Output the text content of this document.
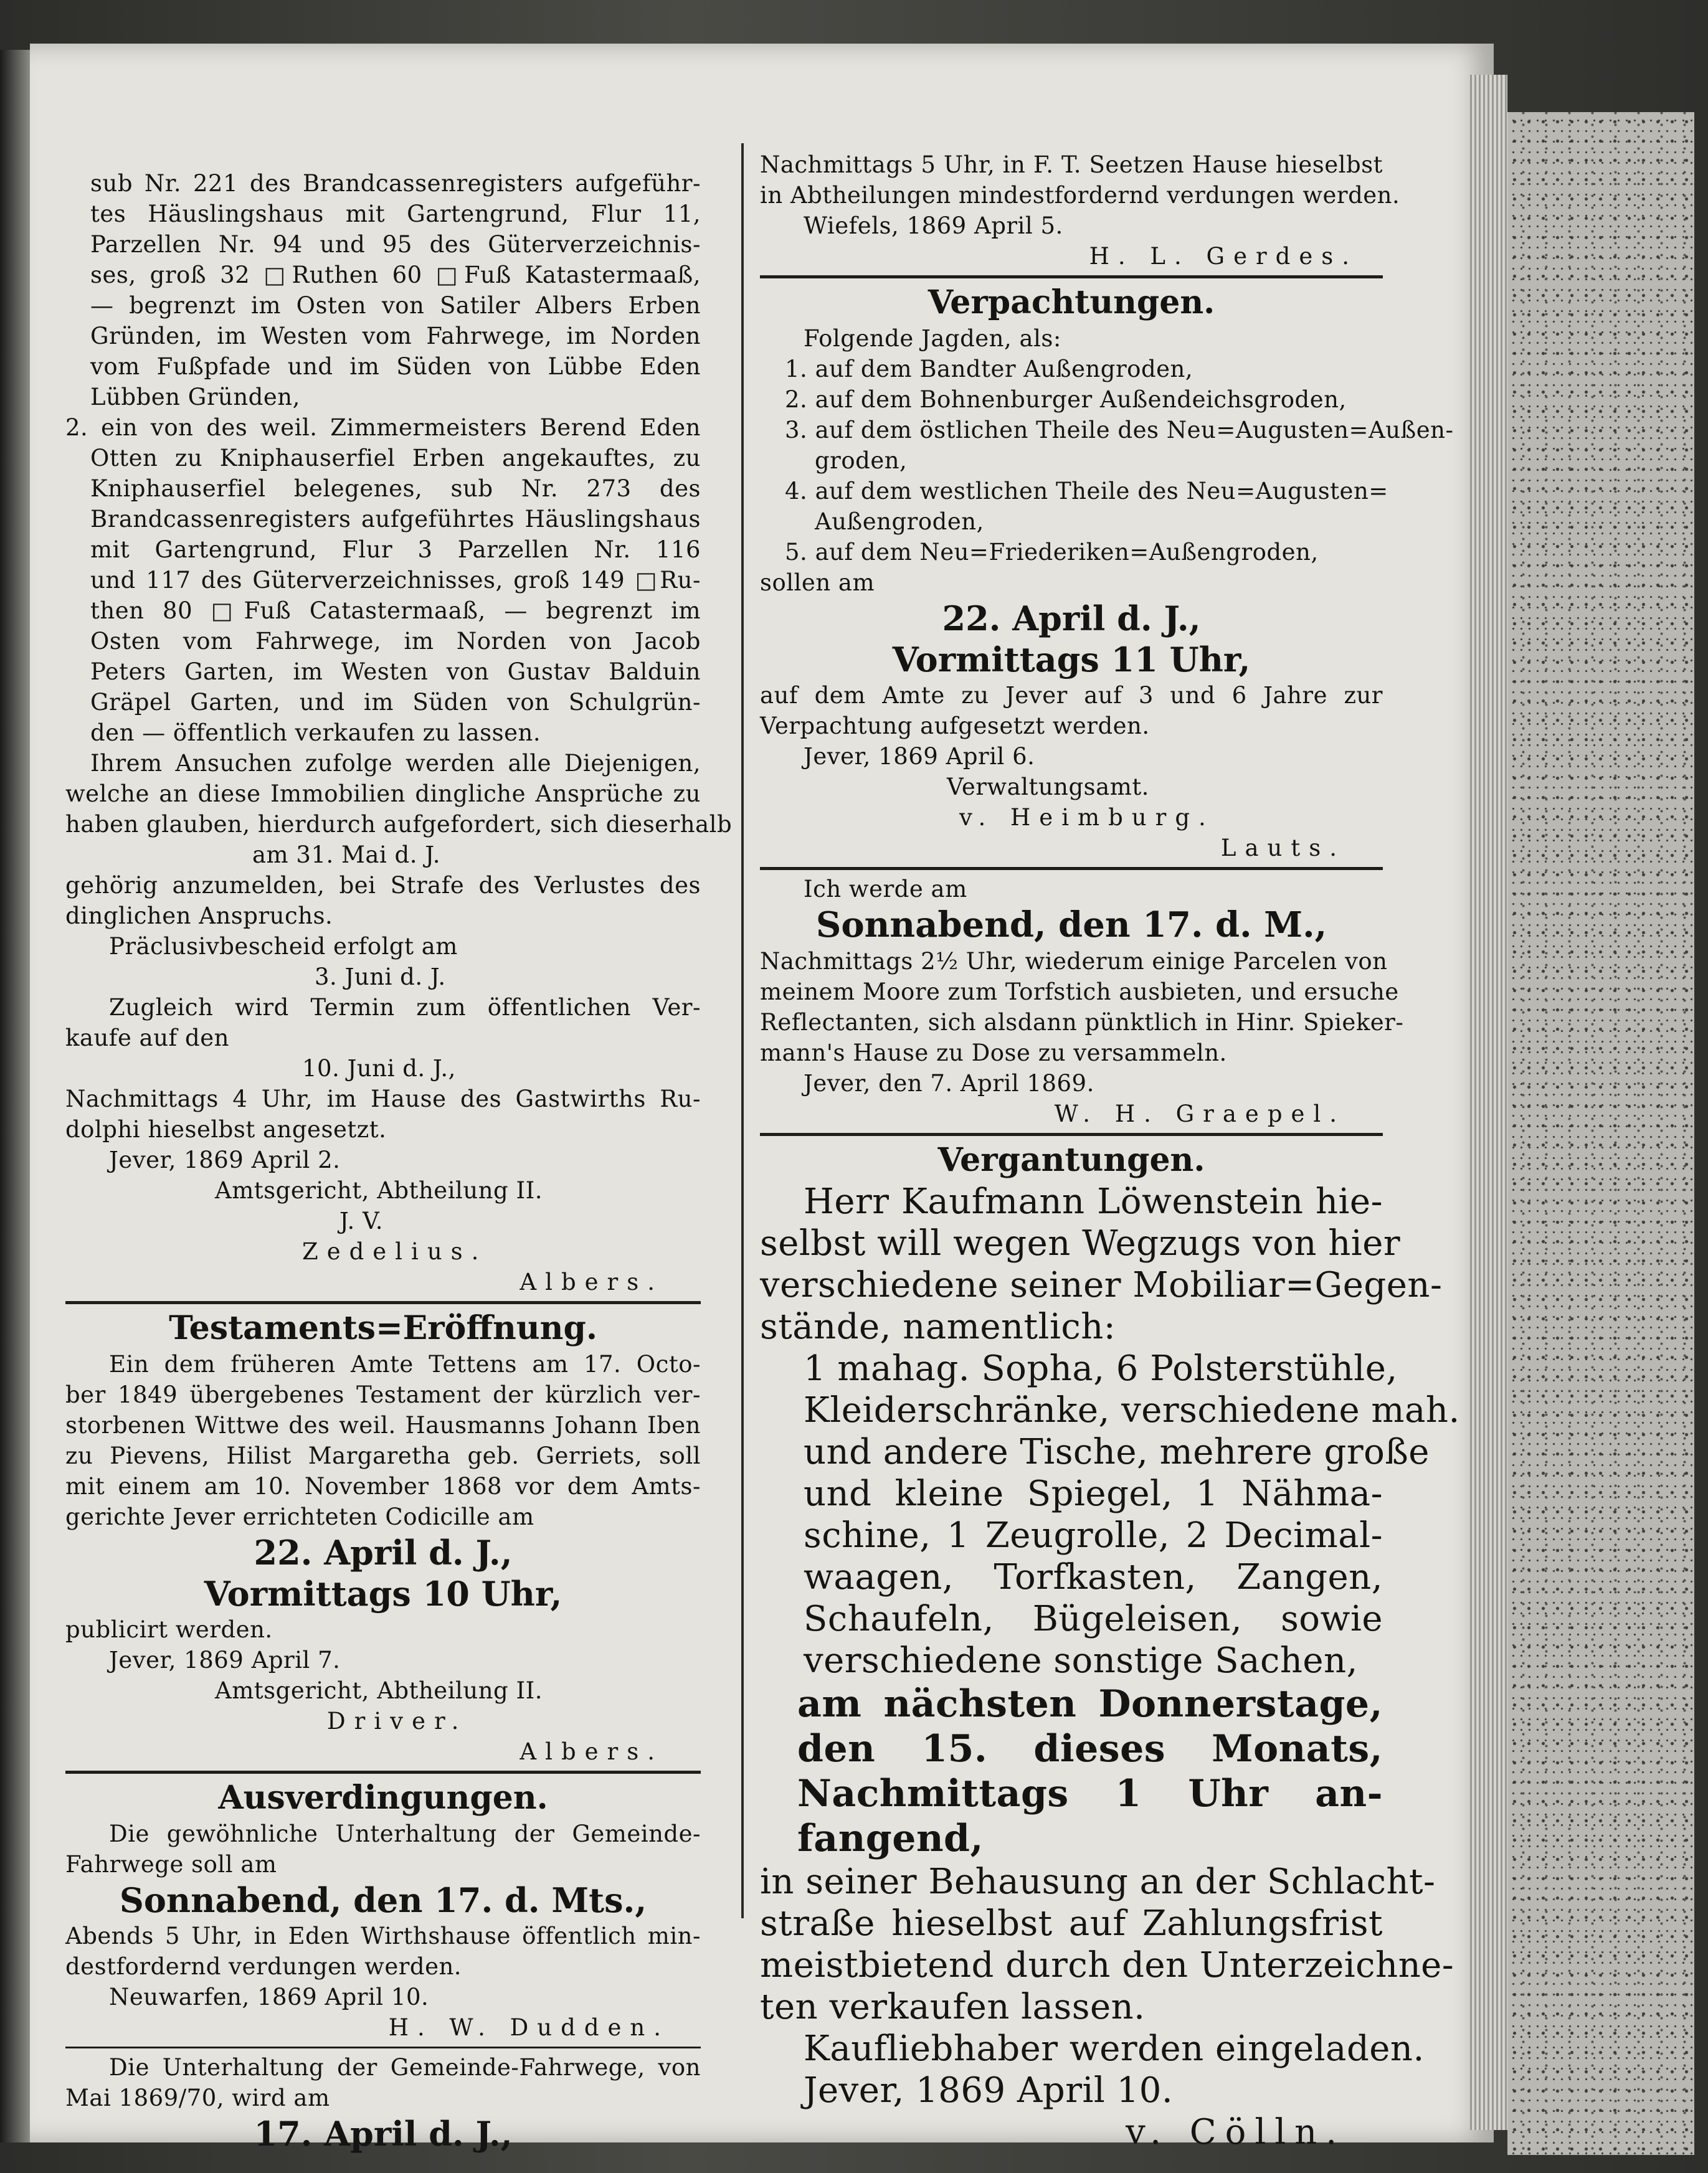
sub Nr. 221 des Brandcassenregisters aufgeführ-
tes Häuslingshaus mit Gartengrund, Flur 11,
Parzellen Nr. 94 und 95 des Güterverzeichnis-
ses, groß 32 □Ruthen 60 □Fuß Katastermaaß,
— begrenzt im Osten von Satiler Albers Erben
Gründen, im Westen vom Fahrwege, im Norden
vom Fußpfade und im Süden von Lübbe Eden
Lübben Gründen,
2. ein von des weil. Zimmermeisters Berend Eden
Otten zu Kniphauserfiel Erben angekauftes, zu
Kniphauserfiel belegenes, sub Nr. 273 des
Brandcassenregisters aufgeführtes Häuslingshaus
mit Gartengrund, Flur 3 Parzellen Nr. 116
und 117 des Güterverzeichnisses, groß 149 □Ru-
then 80 □Fuß Catastermaaß, — begrenzt im
Osten vom Fahrwege, im Norden von Jacob
Peters Garten, im Westen von Gustav Balduin
Gräpel Garten, und im Süden von Schulgrün-
den — öffentlich verkaufen zu lassen.
Ihrem Ansuchen zufolge werden alle Diejenigen,
welche an diese Immobilien dingliche Ansprüche zu
haben glauben, hierdurch aufgefordert, sich dieserhalb
am 31. Mai d. J.
gehörig anzumelden, bei Strafe des Verlustes des
dinglichen Anspruchs.
Präclusivbescheid erfolgt am
3. Juni d. J.
Zugleich wird Termin zum öffentlichen Ver-
kaufe auf den
10. Juni d. J.,
Nachmittags 4 Uhr, im Hause des Gastwirths Ru-
dolphi hieselbst angesetzt.
Jever, 1869 April 2.
Amtsgericht, Abtheilung II.
J. V.
Zedelius.
Albers.
Testaments=Eröffnung.
Ein dem früheren Amte Tettens am 17. Octo-
ber 1849 übergebenes Testament der kürzlich ver-
storbenen Wittwe des weil. Hausmanns Johann Iben
zu Pievens, Hilist Margaretha geb. Gerriets, soll
mit einem am 10. November 1868 vor dem Amts-
gerichte Jever errichteten Codicille am
22. April d. J.,
Vormittags 10 Uhr,
publicirt werden.
Jever, 1869 April 7.
Amtsgericht, Abtheilung II.
Driver.
Albers.
Ausverdingungen.
Die gewöhnliche Unterhaltung der Gemeinde-
Fahrwege soll am
Sonnabend, den 17. d. Mts.,
Abends 5 Uhr, in Eden Wirthshause öffentlich min-
destfordernd verdungen werden.
Neuwarfen, 1869 April 10.
H. W. Dudden.
Die Unterhaltung der Gemeinde-Fahrwege, von
Mai 1869/70, wird am
17. April d. J.,
Nachmittags 5 Uhr, in F. T. Seetzen Hause hieselbst
in Abtheilungen mindestfordernd verdungen werden.
Wiefels, 1869 April 5.
H. L. Gerdes.
Verpachtungen.
Folgende Jagden, als:
1. auf dem Bandter Außengroden,
2. auf dem Bohnenburger Außendeichsgroden,
3. auf dem östlichen Theile des Neu=Augusten=Außen-
groden,
4. auf dem westlichen Theile des Neu=Augusten=
Außengroden,
5. auf dem Neu=Friederiken=Außengroden,
sollen am
22. April d. J.,
Vormittags 11 Uhr,
auf dem Amte zu Jever auf 3 und 6 Jahre zur
Verpachtung aufgesetzt werden.
Jever, 1869 April 6.
Verwaltungsamt.
v. Heimburg.
Lauts.
Ich werde am
Sonnabend, den 17. d. M.,
Nachmittags 2½ Uhr, wiederum einige Parcelen von
meinem Moore zum Torfstich ausbieten, und ersuche
Reflectanten, sich alsdann pünktlich in Hinr. Spieker-
mann's Hause zu Dose zu versammeln.
Jever, den 7. April 1869.
W. H. Graepel.
Vergantungen.
Herr Kaufmann Löwenstein hie-
selbst will wegen Wegzugs von hier
verschiedene seiner Mobiliar=Gegen-
stände, namentlich:
1 mahag. Sopha, 6 Polsterstühle,
Kleiderschränke, verschiedene mah.
und andere Tische, mehrere große
und kleine Spiegel, 1 Nähma-
schine, 1 Zeugrolle, 2 Decimal-
waagen, Torfkasten, Zangen,
Schaufeln, Bügeleisen, sowie
verschiedene sonstige Sachen,
am nächsten Donnerstage,
den 15. dieses Monats,
Nachmittags 1 Uhr an-
fangend,
in seiner Behausung an der Schlacht-
straße hieselbst auf Zahlungsfrist
meistbietend durch den Unterzeichne-
ten verkaufen lassen.
Kaufliebhaber werden eingeladen.
Jever, 1869 April 10.
v. Cölln.
